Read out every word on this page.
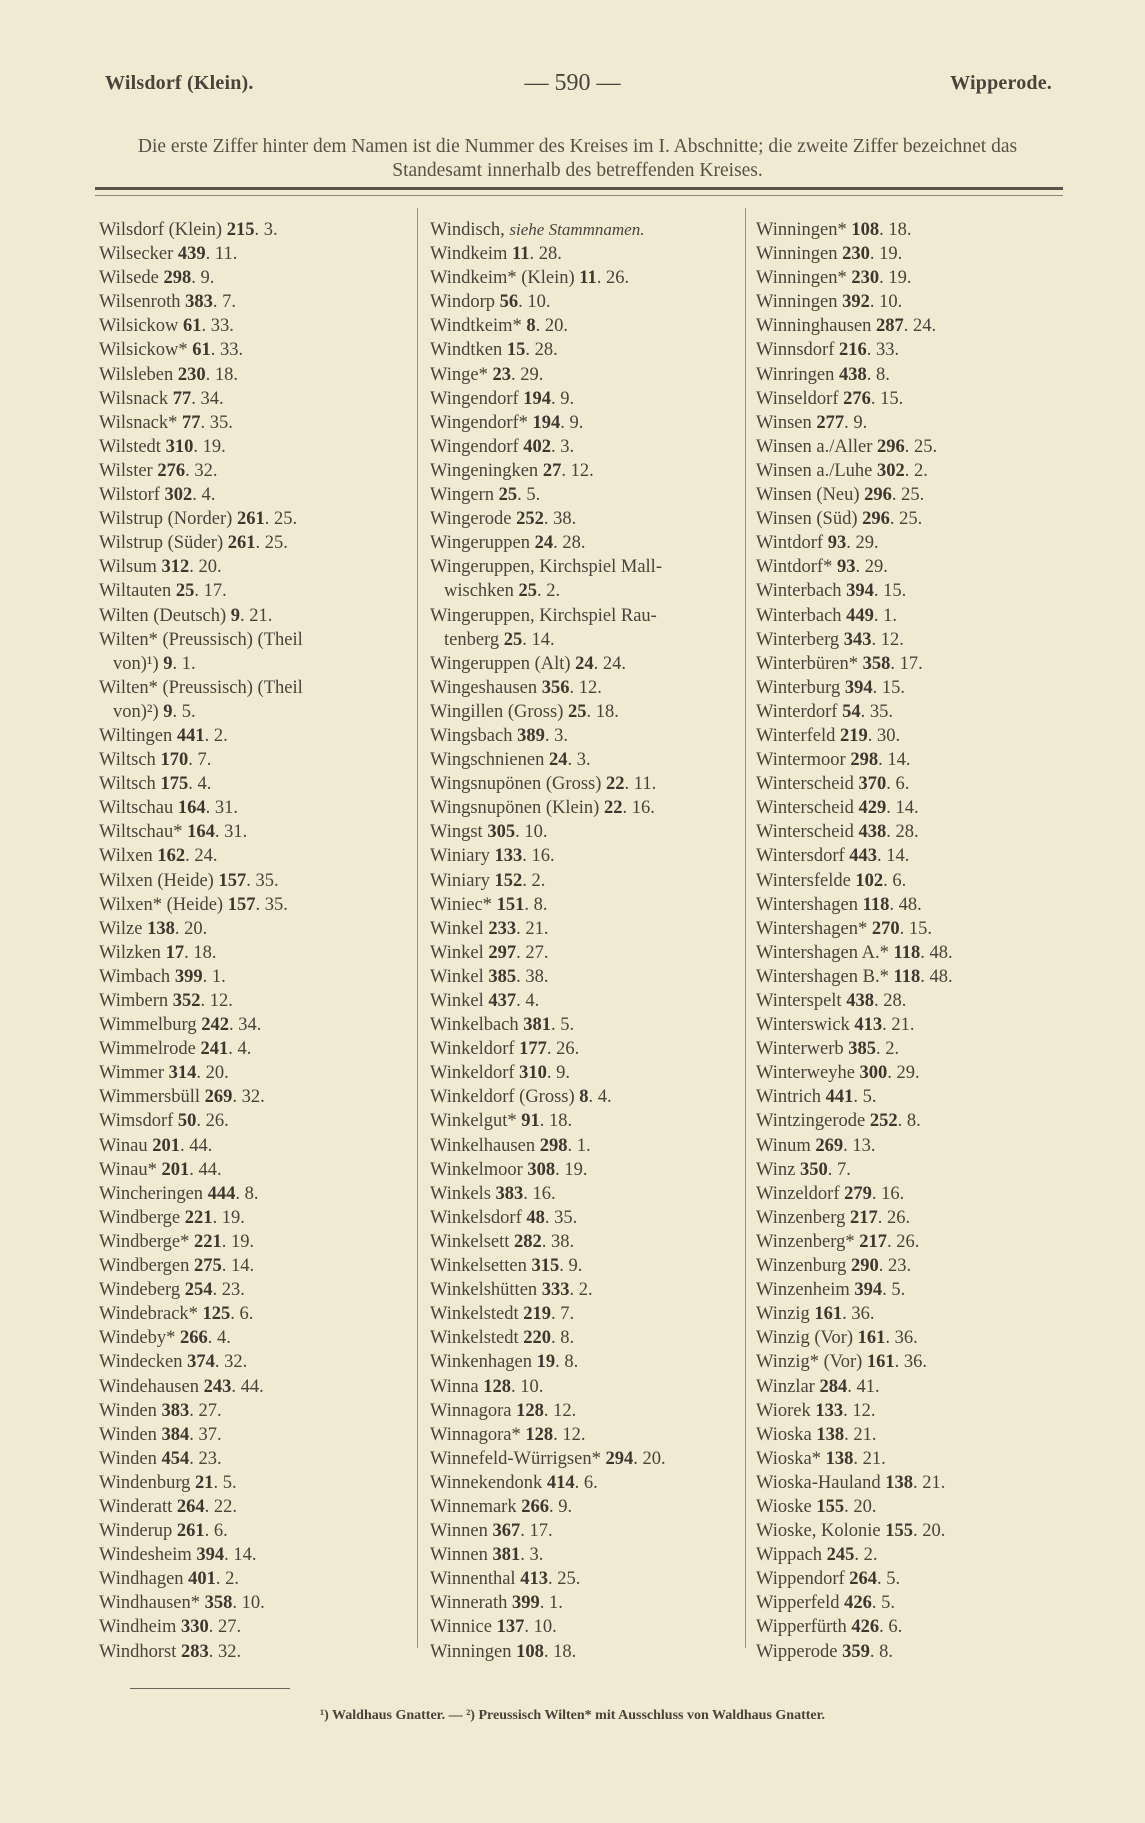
Wilsdorf (Klein).	— 590 —	Wipperode.
Die erste Ziffer hinter dem Namen ist die Nummer des Kreises im I. Abschnitte; die zweite Ziffer bezeichnet das Standesamt innerhalb des betreffenden Kreises.
Wilsdorf (Klein) 215. 3.
Wilsecker 439. 11.
Wilsede 298. 9.
Wilsenroth 383. 7.
Wilsickow 61. 33.
Wilsickow* 61. 33.
Wilsleben 230. 18.
Wilsnack 77. 34.
Wilsnack* 77. 35.
Wilstedt 310. 19.
Wilster 276. 32.
Wilstorf 302. 4.
Wilstrup (Norder) 261. 25.
Wilstrup (Süder) 261. 25.
Wilsum 312. 20.
Wiltauten 25. 17.
Wilten (Deutsch) 9. 21.
Wilten* (Preussisch) (Theil
von)¹) 9. 1.
Wilten* (Preussisch) (Theil
von)²) 9. 5.
Wiltingen 441. 2.
Wiltsch 170. 7.
Wiltsch 175. 4.
Wiltschau 164. 31.
Wiltschau* 164. 31.
Wilxen 162. 24.
Wilxen (Heide) 157. 35.
Wilxen* (Heide) 157. 35.
Wilze 138. 20.
Wilzken 17. 18.
Wimbach 399. 1.
Wimbern 352. 12.
Wimmelburg 242. 34.
Wimmelrode 241. 4.
Wimmer 314. 20.
Wimmersbüll 269. 32.
Wimsdorf 50. 26.
Winau 201. 44.
Winau* 201. 44.
Wincheringen 444. 8.
Windberge 221. 19.
Windberge* 221. 19.
Windbergen 275. 14.
Windeberg 254. 23.
Windebrack* 125. 6.
Windeby* 266. 4.
Windecken 374. 32.
Windehausen 243. 44.
Winden 383. 27.
Winden 384. 37.
Winden 454. 23.
Windenburg 21. 5.
Winderatt 264. 22.
Winderup 261. 6.
Windesheim 394. 14.
Windhagen 401. 2.
Windhausen* 358. 10.
Windheim 330. 27.
Windhorst 283. 32.
Windisch, siehe Stammnamen.
Windkeim 11. 28.
Windkeim* (Klein) 11. 26.
Windorp 56. 10.
Windtkeim* 8. 20.
Windtken 15. 28.
Winge* 23. 29.
Wingendorf 194. 9.
Wingendorf* 194. 9.
Wingendorf 402. 3.
Wingeningken 27. 12.
Wingern 25. 5.
Wingerode 252. 38.
Wingeruppen 24. 28.
Wingeruppen, Kirchspiel Mall-
wischken 25. 2.
Wingeruppen, Kirchspiel Rau-
tenberg 25. 14.
Wingeruppen (Alt) 24. 24.
Wingeshausen 356. 12.
Wingillen (Gross) 25. 18.
Wingsbach 389. 3.
Wingschnienen 24. 3.
Wingsnupönen (Gross) 22. 11.
Wingsnupönen (Klein) 22. 16.
Wingst 305. 10.
Winiary 133. 16.
Winiary 152. 2.
Winiec* 151. 8.
Winkel 233. 21.
Winkel 297. 27.
Winkel 385. 38.
Winkel 437. 4.
Winkelbach 381. 5.
Winkeldorf 177. 26.
Winkeldorf 310. 9.
Winkeldorf (Gross) 8. 4.
Winkelgut* 91. 18.
Winkelhausen 298. 1.
Winkelmoor 308. 19.
Winkels 383. 16.
Winkelsdorf 48. 35.
Winkelsett 282. 38.
Winkelsetten 315. 9.
Winkelshütten 333. 2.
Winkelstedt 219. 7.
Winkelstedt 220. 8.
Winkenhagen 19. 8.
Winna 128. 10.
Winnagora 128. 12.
Winnagora* 128. 12.
Winnefeld-Würrigsen* 294. 20.
Winnekendonk 414. 6.
Winnemark 266. 9.
Winnen 367. 17.
Winnen 381. 3.
Winnenthal 413. 25.
Winnerath 399. 1.
Winnice 137. 10.
Winningen 108. 18.
Winningen* 108. 18.
Winningen 230. 19.
Winningen* 230. 19.
Winningen 392. 10.
Winninghausen 287. 24.
Winnsdorf 216. 33.
Winringen 438. 8.
Winseldorf 276. 15.
Winsen 277. 9.
Winsen a./Aller 296. 25.
Winsen a./Luhe 302. 2.
Winsen (Neu) 296. 25.
Winsen (Süd) 296. 25.
Wintdorf 93. 29.
Wintdorf* 93. 29.
Winterbach 394. 15.
Winterbach 449. 1.
Winterberg 343. 12.
Winterbüren* 358. 17.
Winterburg 394. 15.
Winterdorf 54. 35.
Winterfeld 219. 30.
Wintermoor 298. 14.
Winterscheid 370. 6.
Winterscheid 429. 14.
Winterscheid 438. 28.
Wintersdorf 443. 14.
Wintersfelde 102. 6.
Wintershagen 118. 48.
Wintershagen* 270. 15.
Wintershagen A.* 118. 48.
Wintershagen B.* 118. 48.
Winterspelt 438. 28.
Winterswick 413. 21.
Winterwerb 385. 2.
Winterweyhe 300. 29.
Wintrich 441. 5.
Wintzingerode 252. 8.
Winum 269. 13.
Winz 350. 7.
Winzeldorf 279. 16.
Winzenberg 217. 26.
Winzenberg* 217. 26.
Winzenburg 290. 23.
Winzenheim 394. 5.
Winzig 161. 36.
Winzig (Vor) 161. 36.
Winzig* (Vor) 161. 36.
Winzlar 284. 41.
Wiorek 133. 12.
Wioska 138. 21.
Wioska* 138. 21.
Wioska-Hauland 138. 21.
Wioske 155. 20.
Wioske, Kolonie 155. 20.
Wippach 245. 2.
Wippendorf 264. 5.
Wipperfeld 426. 5.
Wipperfürth 426. 6.
Wipperode 359. 8.
¹) Waldhaus Gnatter. — ²) Preussisch Wilten* mit Ausschluss von Waldhaus Gnatter.
